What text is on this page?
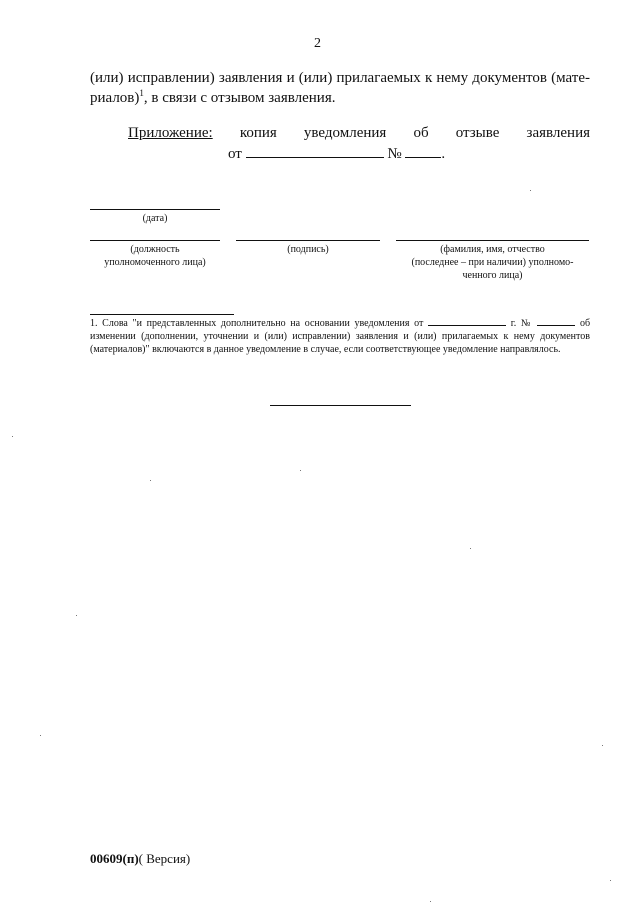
2
(или) исправлении) заявления и (или) прилагаемых к нему документов (мате-
риалов)$^1$, в связи с отзывом заявления.
Приложение: копия уведомления об отзыве заявления
от	№	.
(дата)
(должность
уполномоченного лица)
(подпись)	(фамилия, имя, отчество
(последнее – при наличии) уполномо-
ченного лица)
1. Слова "и представленных дополнительно на основании уведомления от	г. №	об
изменении (дополнении, уточнении и (или) исправлении) заявления и (или) прилагаемых к нему документов
(материалов)" включаются в данное уведомление в случае, если соответствующее уведомление направлялось.
00609(п)( Версия)
